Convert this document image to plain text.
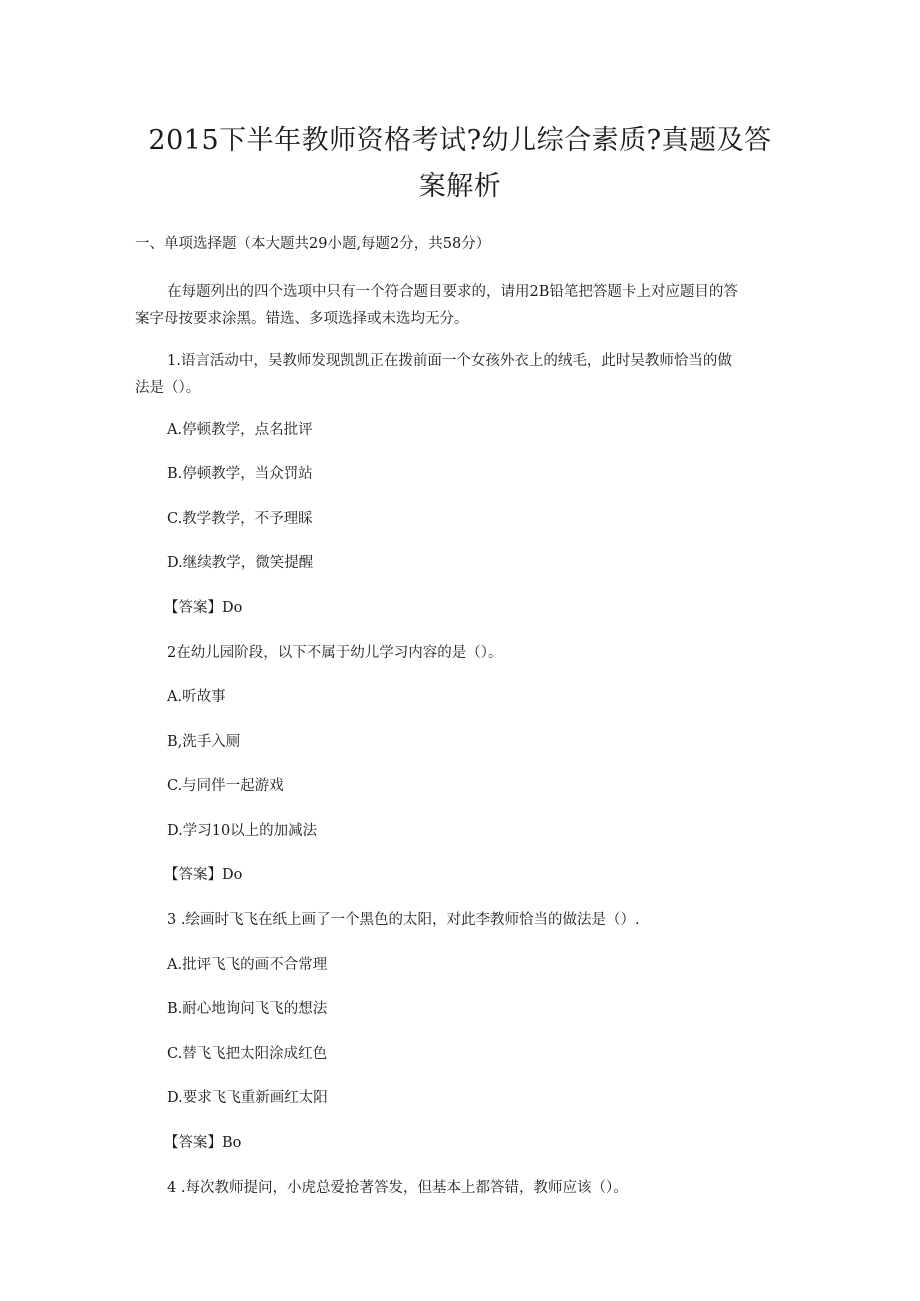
2015下半年教师资格考试?幼儿综合素质?真题及答
案解析
一、单项选择题（本大题共29小题,每题2分，共58分）
在每题列出的四个选项中只有一个符合题目要求的，请用2B铅笔把答题卡上对应题目的答
案字母按要求涂黑。错选、多项选择或未选均无分。
1.语言活动中，吴教师发现凯凯正在拨前面一个女孩外衣上的绒毛，此时吴教师恰当的做
法是（）。
A.停顿教学，点名批评
B.停顿教学，当众罚站
C.教学教学，不予理睬
D.继续教学，微笑提醒
【答案】Do
2在幼儿园阶段，以下不属于幼儿学习内容的是（）。
A.听故事
B,洗手入厕
C.与同伴一起游戏
D.学习10以上的加减法
【答案】Do
3 .绘画时飞飞在纸上画了一个黑色的太阳，对此李教师恰当的做法是（）.
A.批评飞飞的画不合常理
B.耐心地询问飞飞的想法
C.替飞飞把太阳涂成红色
D.要求飞飞重新画红太阳
【答案】Bo
4 .每次教师提问，小虎总爱抢著答发，但基本上都答错，教师应该（）。
